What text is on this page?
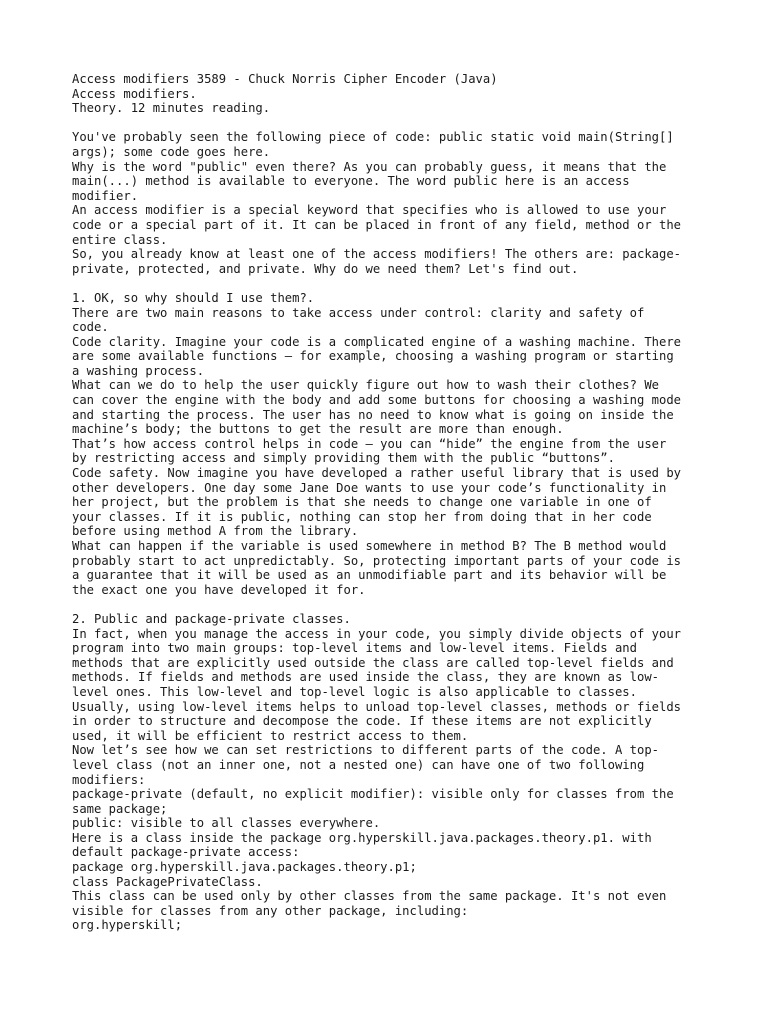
Access modifiers 3589 - Chuck Norris Cipher Encoder (Java)
Access modifiers.
Theory. 12 minutes reading.
You've probably seen the following piece of code: public static void main(String[]
args); some code goes here.
Why is the word "public" even there? As you can probably guess, it means that the
main(...) method is available to everyone. The word public here is an access
modifier.
An access modifier is a special keyword that specifies who is allowed to use your
code or a special part of it. It can be placed in front of any field, method or the
entire class.
So, you already know at least one of the access modifiers! The others are: package-
private, protected, and private. Why do we need them? Let's find out.
1. OK, so why should I use them?.
There are two main reasons to take access under control: clarity and safety of
code.
Code clarity. Imagine your code is a complicated engine of a washing machine. There
are some available functions – for example, choosing a washing program or starting
a washing process.
What can we do to help the user quickly figure out how to wash their clothes? We
can cover the engine with the body and add some buttons for choosing a washing mode
and starting the process. The user has no need to know what is going on inside the
machine’s body; the buttons to get the result are more than enough.
That’s how access control helps in code – you can “hide” the engine from the user
by restricting access and simply providing them with the public “buttons”.
Code safety. Now imagine you have developed a rather useful library that is used by
other developers. One day some Jane Doe wants to use your code’s functionality in
her project, but the problem is that she needs to change one variable in one of
your classes. If it is public, nothing can stop her from doing that in her code
before using method A from the library.
What can happen if the variable is used somewhere in method B? The B method would
probably start to act unpredictably. So, protecting important parts of your code is
a guarantee that it will be used as an unmodifiable part and its behavior will be
the exact one you have developed it for.
2. Public and package-private classes.
In fact, when you manage the access in your code, you simply divide objects of your
program into two main groups: top-level items and low-level items. Fields and
methods that are explicitly used outside the class are called top-level fields and
methods. If fields and methods are used inside the class, they are known as low-
level ones. This low-level and top-level logic is also applicable to classes.
Usually, using low-level items helps to unload top-level classes, methods or fields
in order to structure and decompose the code. If these items are not explicitly
used, it will be efficient to restrict access to them.
Now let’s see how we can set restrictions to different parts of the code. A top-
level class (not an inner one, not a nested one) can have one of two following
modifiers:
package-private (default, no explicit modifier): visible only for classes from the
same package;
public: visible to all classes everywhere.
Here is a class inside the package org.hyperskill.java.packages.theory.p1. with
default package-private access:
package org.hyperskill.java.packages.theory.p1;
class PackagePrivateClass.
This class can be used only by other classes from the same package. It's not even
visible for classes from any other package, including:
org.hyperskill;
